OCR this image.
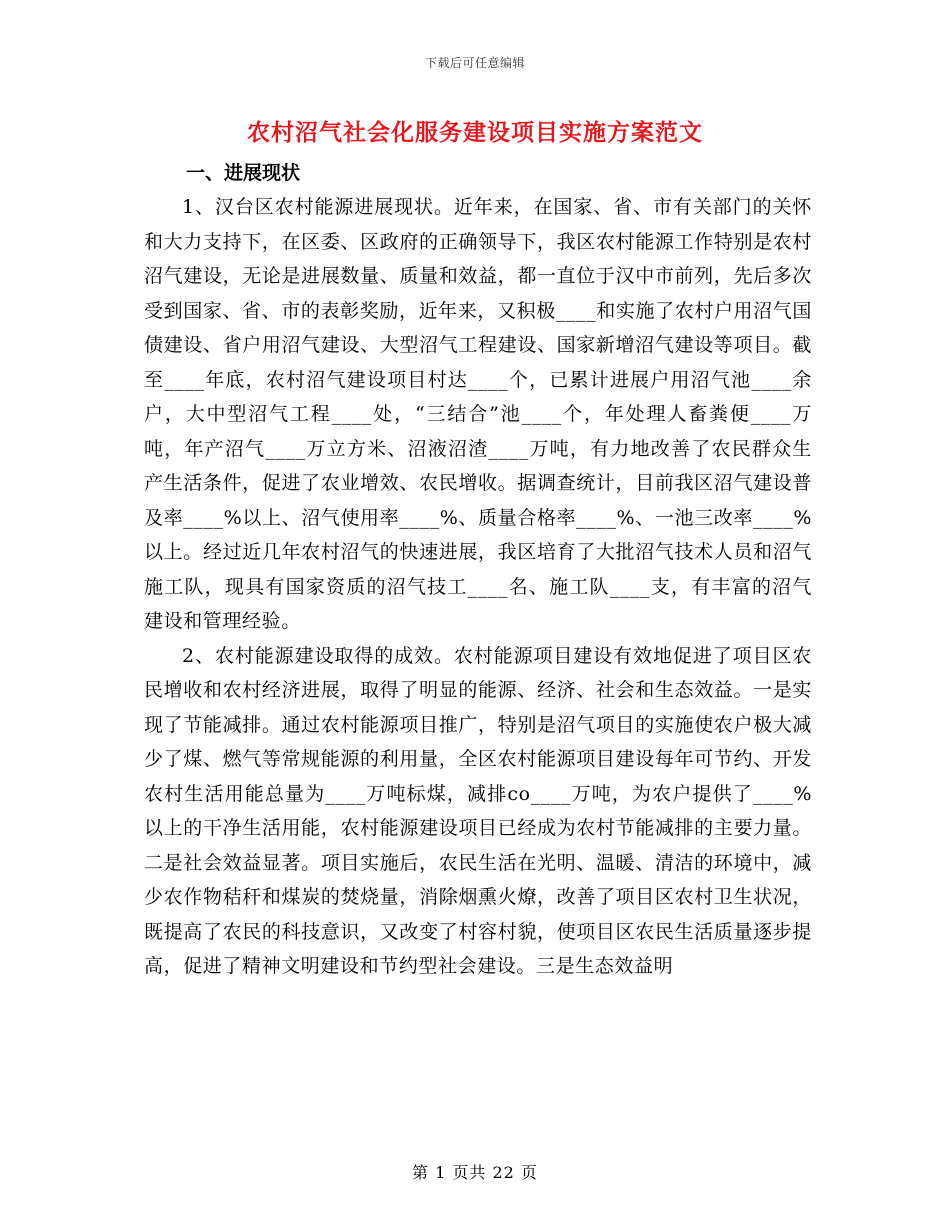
下载后可任意编辑
农村沼气社会化服务建设项目实施方案范文
一、进展现状

1、汉台区农村能源进展现状。近年来，在国家、省、市有关部门的关怀和大力支持下，在区委、区政府的正确领导下，我区农村能源工作特别是农村沼气建设，无论是进展数量、质量和效益，都一直位于汉中市前列，先后多次受到国家、省、市的表彰奖励，近年来，又积极____和实施了农村户用沼气国债建设、省户用沼气建设、大型沼气工程建设、国家新增沼气建设等项目。截至____年底，农村沼气建设项目村达____个，已累计进展户用沼气池____余户，大中型沼气工程____处，“三结合”池____个，年处理人畜粪便____万吨，年产沼气____万立方米、沼液沼渣____万吨，有力地改善了农民群众生产生活条件，促进了农业增效、农民增收。据调查统计，目前我区沼气建设普及率____%以上、沼气使用率____%、质量合格率____%、一池三改率____%以上。经过近几年农村沼气的快速进展，我区培育了大批沼气技术人员和沼气施工队，现具有国家资质的沼气技工____名、施工队____支，有丰富的沼气建设和管理经验。

2、农村能源建设取得的成效。农村能源项目建设有效地促进了项目区农民增收和农村经济进展，取得了明显的能源、经济、社会和生态效益。一是实现了节能减排。通过农村能源项目推广，特别是沼气项目的实施使农户极大减少了煤、燃气等常规能源的利用量，全区农村能源项目建设每年可节约、开发农村生活用能总量为____万吨标煤，减排co____万吨，为农户提供了____%以上的干净生活用能，农村能源建设项目已经成为农村节能减排的主要力量。二是社会效益显著。项目实施后，农民生活在光明、温暖、清洁的环境中，减少农作物秸秆和煤炭的焚烧量，消除烟熏火燎，改善了项目区农村卫生状况，既提高了农民的科技意识，又改变了村容村貌，使项目区农民生活质量逐步提高，促进了精神文明建设和节约型社会建设。三是生态效益明

第 1 页共 22 页
